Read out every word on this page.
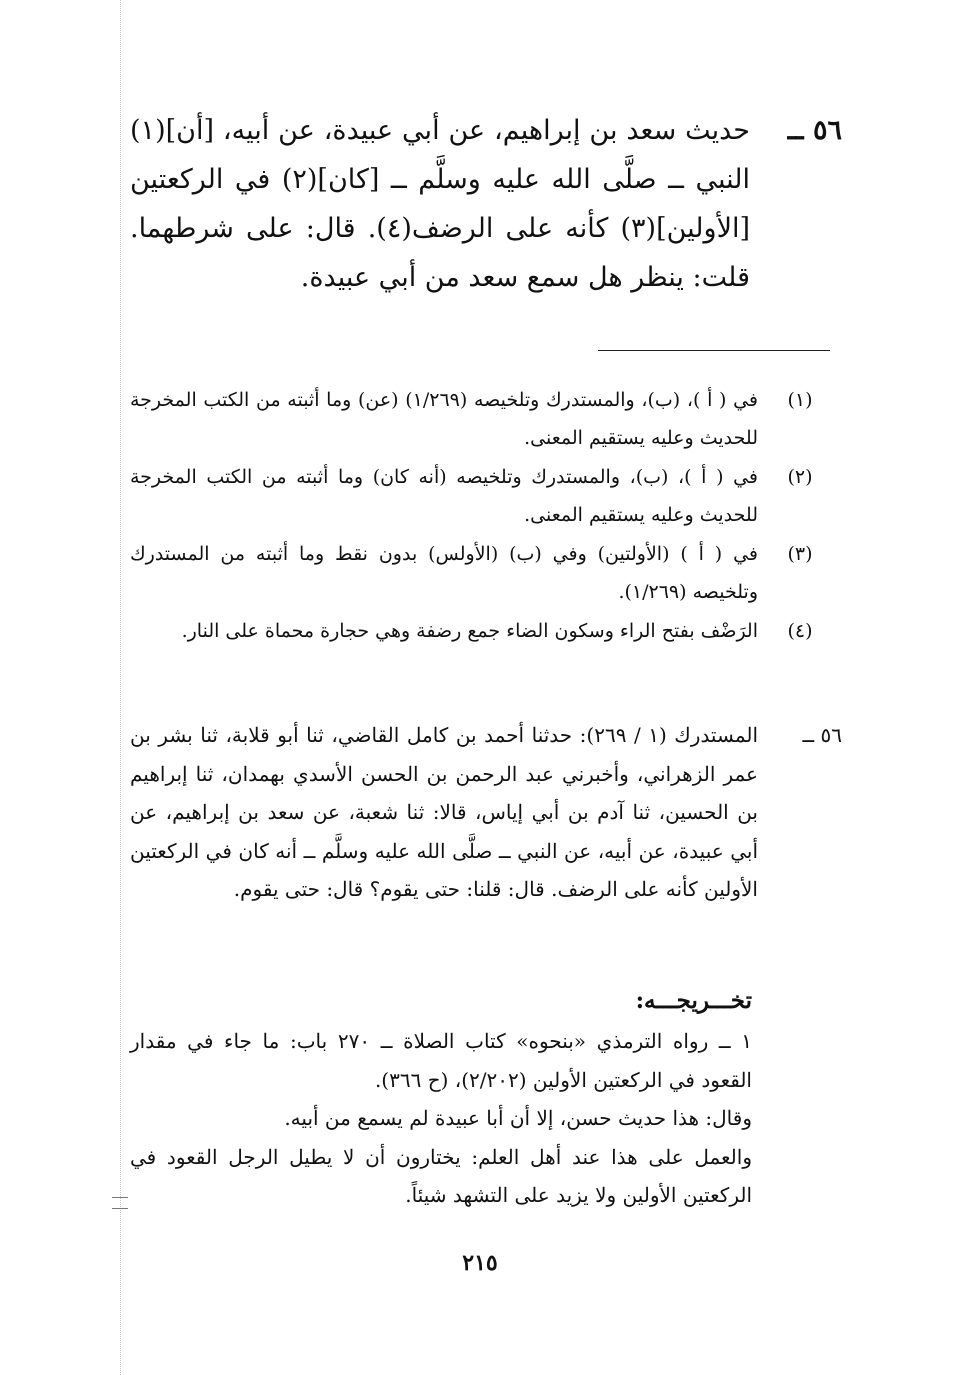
٥٦ ــ
حديث سعد بن إبراهيم، عن أبي عبيدة، عن أبيه، [أن](١) النبي ــ صلَّى الله عليه وسلَّم ــ [كان](٢) في الركعتين [الأولين](٣) كأنه على الرضف(٤). قال: على شرطهما. قلت: ينظر هل سمع سعد من أبي عبيدة.
(١)
في ( أ )، (ب)، والمستدرك وتلخيصه (١/٢٦٩) (عن) وما أثبته من الكتب المخرجة للحديث وعليه يستقيم المعنى.
(٢)
في ( أ )، (ب)، والمستدرك وتلخيصه (أنه كان) وما أثبته من الكتب المخرجة للحديث وعليه يستقيم المعنى.
(٣)
في ( أ ) (الأولتين) وفي (ب) (الأولس) بدون نقط وما أثبته من المستدرك وتلخيصه (١/٢٦٩).
(٤)
الرَضْف بفتح الراء وسكون الضاء جمع رضفة وهي حجارة محماة على النار.
٥٦ ــ
المستدرك (١ / ٢٦٩): حدثنا أحمد بن كامل القاضي، ثنا أبو قلابة، ثنا بشر بن عمر الزهراني، وأخبرني عبد الرحمن بن الحسن الأسدي بهمدان، ثنا إبراهيم بن الحسين، ثنا آدم بن أبي إياس، قالا: ثنا شعبة، عن سعد بن إبراهيم، عن أبي عبيدة، عن أبيه، عن النبي ــ صلَّى الله عليه وسلَّم ــ أنه كان في الركعتين الأولين كأنه على الرضف. قال: قلنا: حتى يقوم؟ قال: حتى يقوم.
تخـــريجـــه:
١ ــ رواه الترمذي «بنحوه» كتاب الصلاة ــ ٢٧٠ باب: ما جاء في مقدار القعود في الركعتين الأولين (٢/٢٠٢)، (ح ٣٦٦).
وقال: هذا حديث حسن، إلا أن أبا عبيدة لم يسمع من أبيه.
والعمل على هذا عند أهل العلم: يختارون أن لا يطيل الرجل القعود في الركعتين الأولين ولا يزيد على التشهد شيئاً.
٢١٥
